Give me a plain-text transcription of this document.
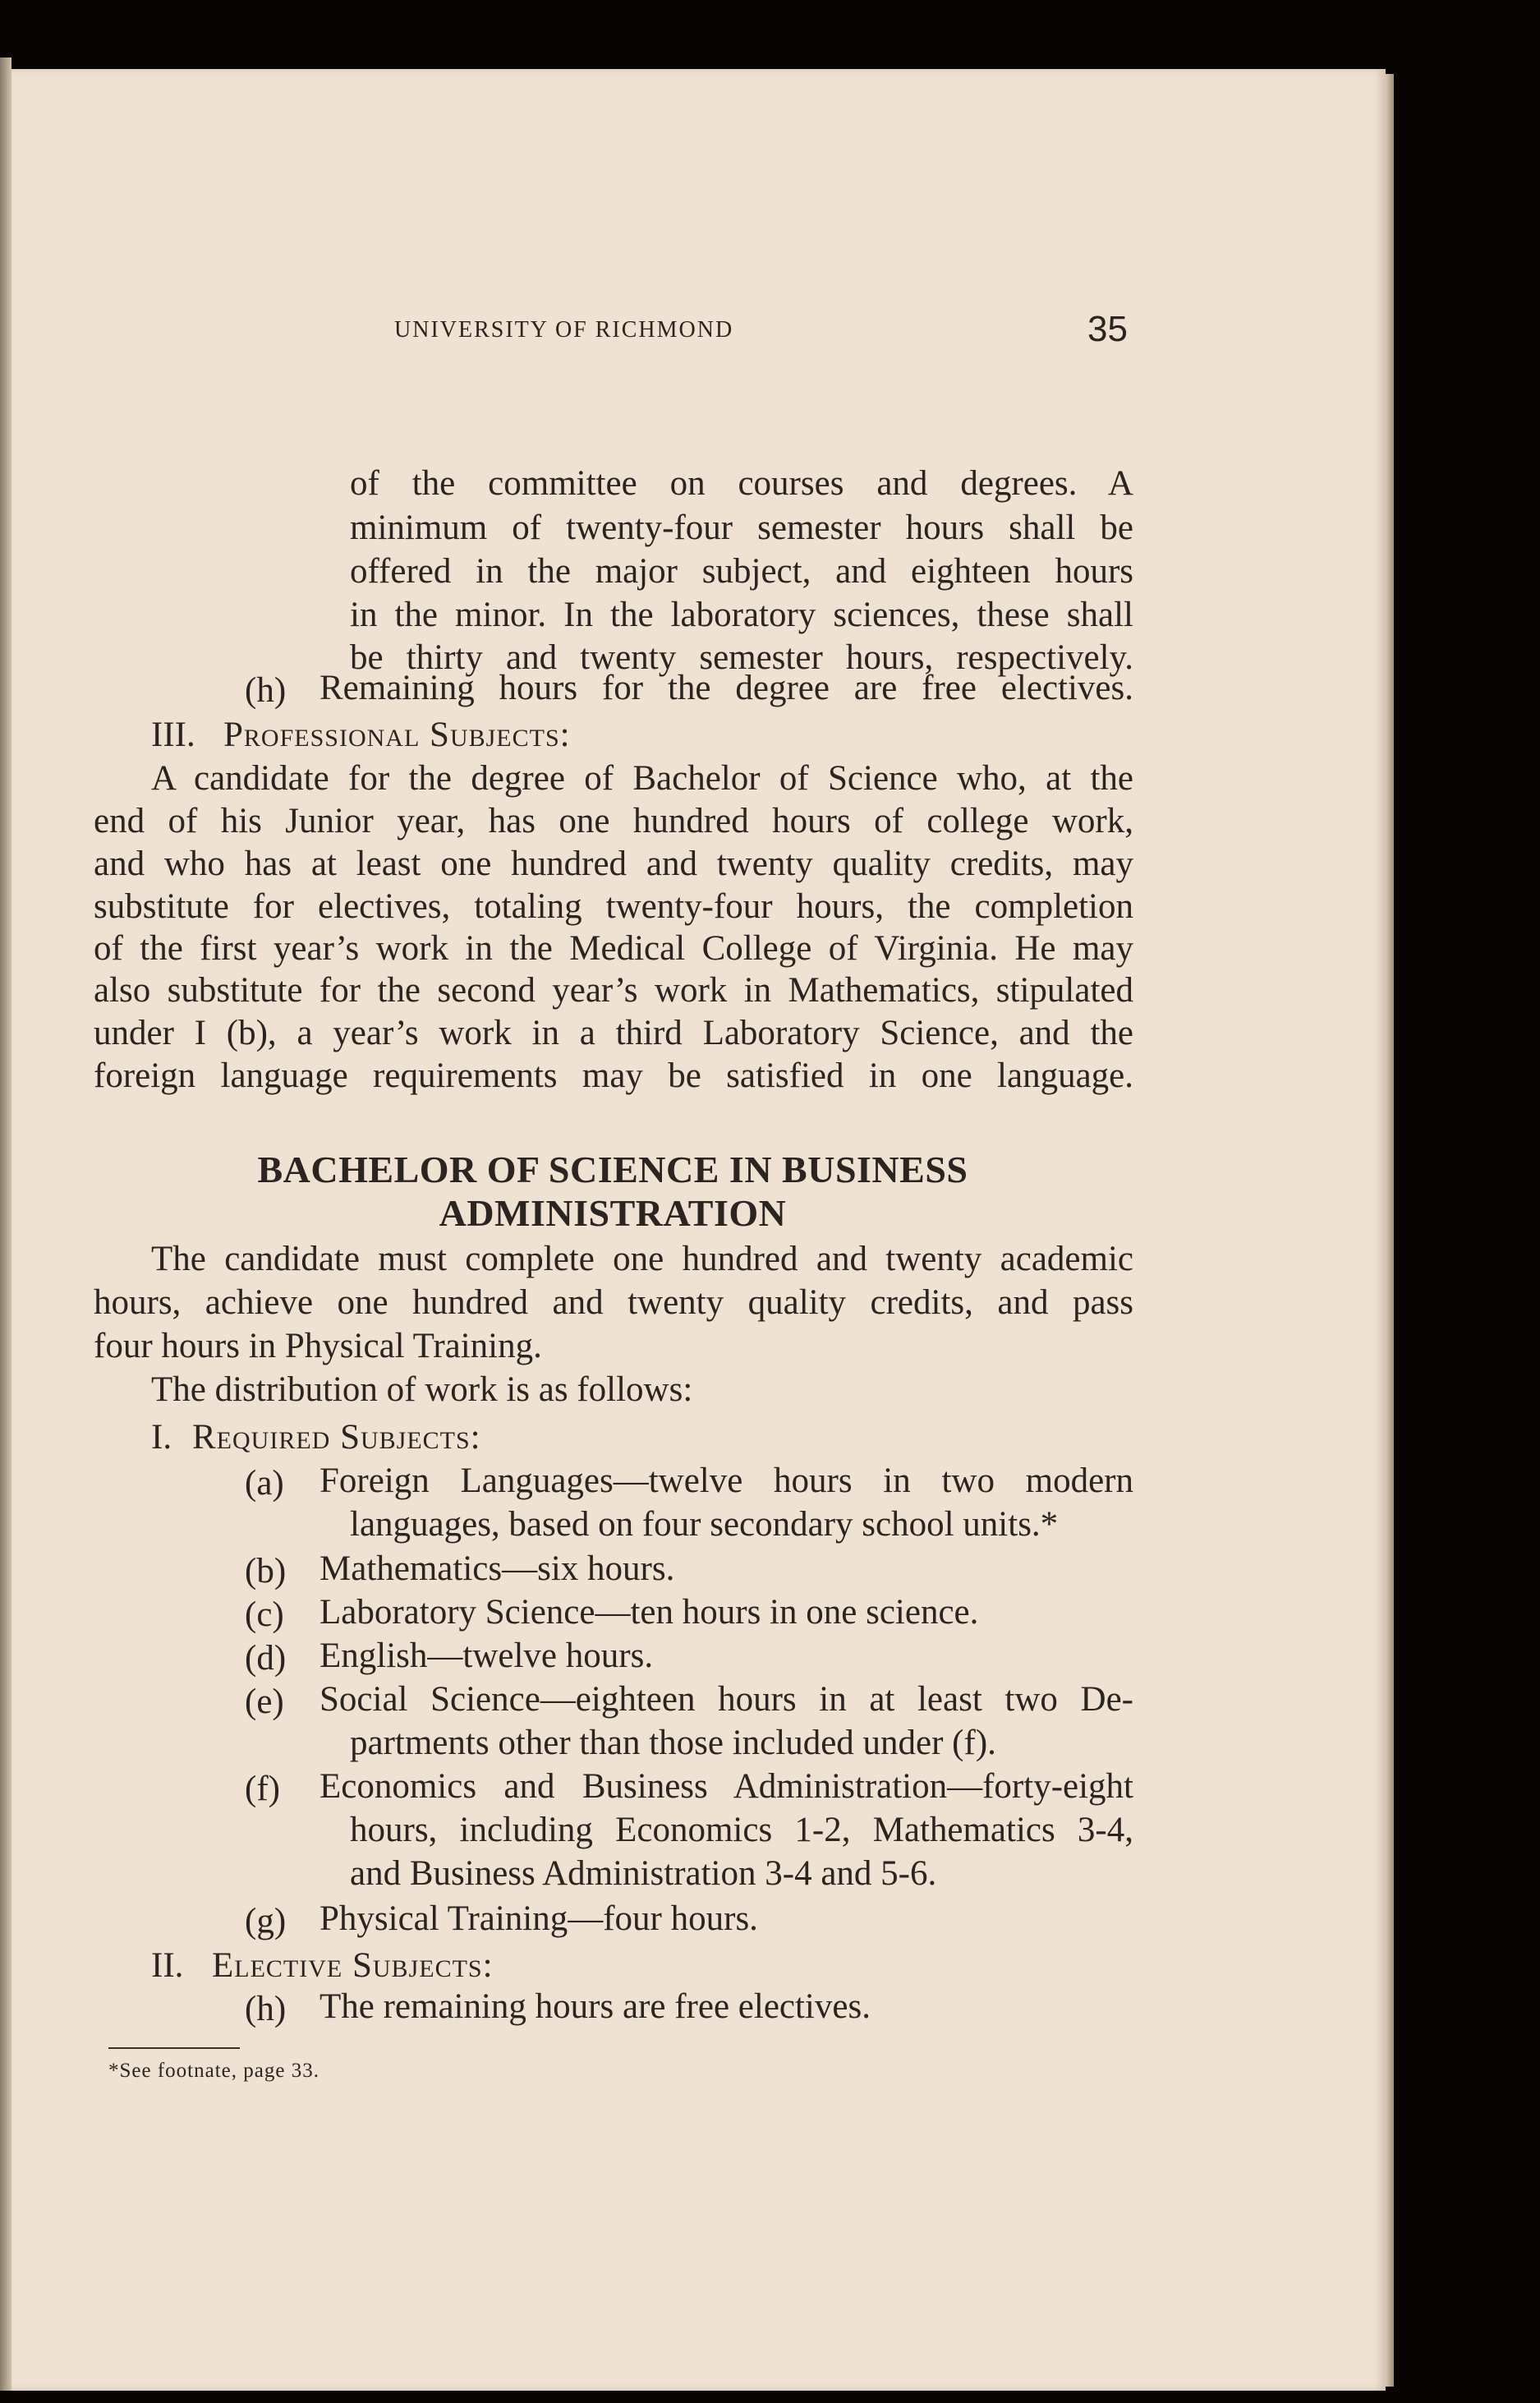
UNIVERSITY OF RICHMOND	35
of the committee on courses and degrees. A
minimum of twenty-four semester hours shall be
offered in the major subject, and eighteen hours
in the minor. In the laboratory sciences, these shall
be thirty and twenty semester hours, respectively.
(h) Remaining hours for the degree are free electives.
III. Professional Subjects:
A candidate for the degree of Bachelor of Science who, at the
end of his Junior year, has one hundred hours of college work,
and who has at least one hundred and twenty quality credits, may
substitute for electives, totaling twenty-four hours, the completion
of the first year’s work in the Medical College of Virginia. He may
also substitute for the second year’s work in Mathematics, stipulated
under I (b), a year’s work in a third Laboratory Science, and the
foreign language requirements may be satisfied in one language.
BACHELOR OF SCIENCE IN BUSINESS
ADMINISTRATION
The candidate must complete one hundred and twenty academic
hours, achieve one hundred and twenty quality credits, and pass
four hours in Physical Training.
The distribution of work is as follows:
I. Required Subjects:
(a) Foreign Languages—twelve hours in two modern
languages, based on four secondary school units.*
(b) Mathematics—six hours.
(c) Laboratory Science—ten hours in one science.
(d) English—twelve hours.
(e) Social Science—eighteen hours in at least two De-
partments other than those included under (f).
(f) Economics and Business Administration—forty-eight
hours, including Economics 1-2, Mathematics 3-4,
and Business Administration 3-4 and 5-6.
(g) Physical Training—four hours.
II. Elective Subjects:
(h) The remaining hours are free electives.
*See footnate, page 33.
